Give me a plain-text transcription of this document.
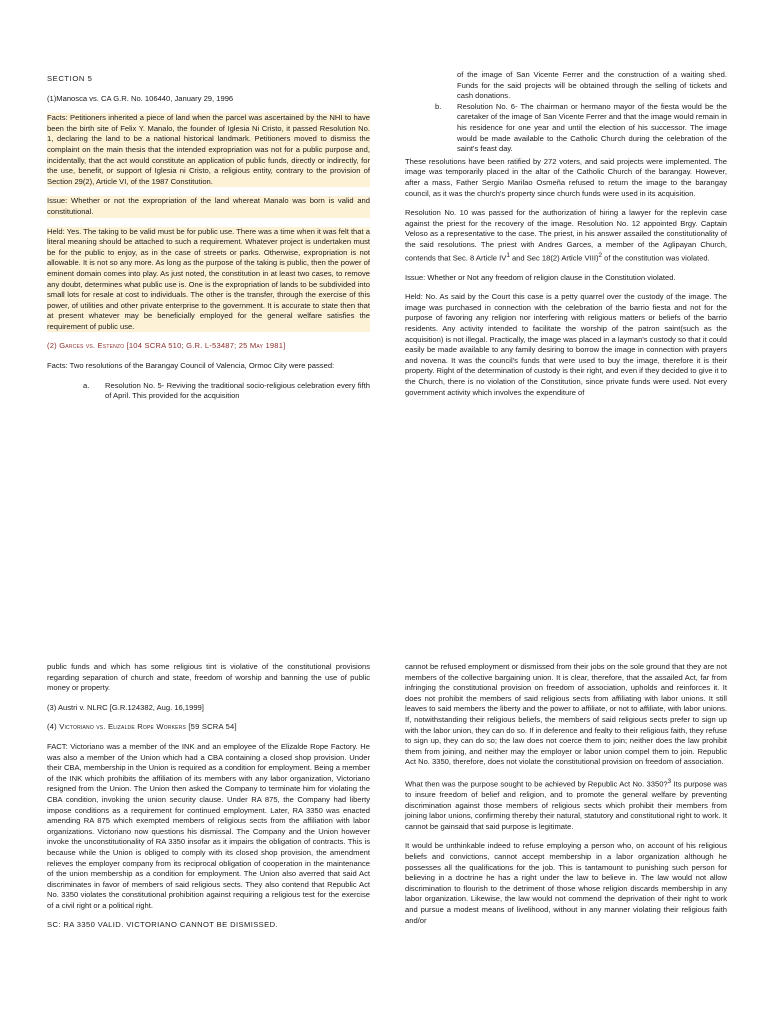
SECTION 5

(1)Manosca vs. CA G.R. No. 106440, January 29, 1996

Facts: Petitioners inherited a piece of land when the parcel was ascertained by the NHI to have been the birth site of Felix Y. Manalo, the founder of Iglesia Ni Cristo, it passed Resolution No. 1, declaring the land to be a national historical landmark. Petitioners moved to dismiss the complaint on the main thesis that the intended expropriation was not for a public purpose and, incidentally, that the act would constitute an application of public funds, directly or indirectly, for the use, benefit, or support of Iglesia ni Cristo, a religious entity, contrary to the provision of Section 29(2), Article VI, of the 1987 Constitution.

Issue: Whether or not the expropriation of the land whereat Manalo was born is valid and constitutional.

Held: Yes. The taking to be valid must be for public use. There was a time when it was felt that a literal meaning should be attached to such a requirement. Whatever project is undertaken must be for the public to enjoy, as in the case of streets or parks. Otherwise, expropriation is not allowable. It is not so any more. As long as the purpose of the taking is public, then the power of eminent domain comes into play. As just noted, the constitution in at least two cases, to remove any doubt, determines what public use is. One is the expropriation of lands to be subdivided into small lots for resale at cost to individuals. The other is the transfer, through the exercise of this power, of utilities and other private enterprise to the government. It is accurate to state then that at present whatever may be beneficially employed for the general welfare satisfies the requirement of public use.

(2) Garces vs. Estenzo [104 SCRA 510; G.R. L-53487; 25 May 1981]

Facts: Two resolutions of the Barangay Council of Valencia, Ormoc City were passed:

a.	Resolution No. 5- Reviving the traditional socio-religious celebration every fifth of April. This provided for the acquisition
of the image of San Vicente Ferrer and the construction of a waiting shed. Funds for the said projects will be obtained through the selling of tickets and cash donations.
b.	Resolution No. 6- The chairman or hermano mayor of the fiesta would be the caretaker of the image of San Vicente Ferrer and that the image would remain in his residence for one year and until the election of his successor. The image would be made available to the Catholic Church during the celebration of the saint's feast day.

These resolutions have been ratified by 272 voters, and said projects were implemented. The image was temporarily placed in the altar of the Catholic Church of the barangay. However, after a mass, Father Sergio Marilao Osmeña refused to return the image to the barangay council, as it was the church's property since church funds were used in its acquisition.

Resolution No. 10 was passed for the authorization of hiring a lawyer for the replevin case against the priest for the recovery of the image. Resolution No. 12 appointed Brgy. Captain Veloso as a representative to the case. The priest, in his answer assailed the constitutionality of the said resolutions. The priest with Andres Garces, a member of the Aglipayan Church, contends that Sec. 8 Article $IV^1$ and Sec 18(2) Article VIII)$^2$ of the constitution was violated.

Issue: Whether or Not any freedom of religion clause in the Constitution violated.

Held: No. As said by the Court this case is a petty quarrel over the custody of the image. The image was purchased in connection with the celebration of the barrio fiesta and not for the purpose of favoring any religion nor interfering with religious matters or beliefs of the barrio residents. Any activity intended to facilitate the worship of the patron saint(such as the acquisition) is not illegal. Practically, the image was placed in a layman's custody so that it could easily be made available to any family desiring to borrow the image in connection with prayers and novena. It was the council's funds that were used to buy the image, therefore it is their property. Right of the determination of custody is their right, and even if they decided to give it to the Church, there is no violation of the Constitution, since private funds were used. Not every government activity which involves the expenditure of

public funds and which has some religious tint is violative of the constitutional provisions regarding separation of church and state, freedom of worship and banning the use of public money or property.

(3) Austri v. NLRC [G.R.124382, Aug. 16,1999]

(4) Victoriano vs. Elizalde Rope Workers [59 SCRA 54]

FACT: Victoriano was a member of the INK and an employee of the Elizalde Rope Factory. He was also a member of the Union which had a CBA containing a closed shop provision. Under their CBA, membership in the Union is required as a condition for employment. Being a member of the INK which prohibits the affiliation of its members with any labor organization, Victoriano resigned from the Union. The Union then asked the Company to terminate him for violating the CBA condition, invoking the union security clause. Under RA 875, the Company had liberty impose conditions as a requirement for continued employment. Later, RA 3350 was enacted amending RA 875 which exempted members of religious sects from the affiliation with labor organizations. Victoriano now questions his dismissal. The Company and the Union however invoke the unconstitutionality of RA 3350 insofar as it impairs the obligation of contracts. This is because while the Union is obliged to comply with its closed shop provision, the amendment relieves the employer company from its reciprocal obligation of cooperation in the maintenance of the union membership as a condition for employment. The Union also averred that said Act discriminates in favor of members of said religious sects. They also contend that Republic Act No. 3350 violates the constitutional prohibition against requiring a religious test for the exercise of a civil right or a political right.

SC: RA 3350 VALID. VICTORIANO CANNOT BE DISMISSED.

cannot be refused employment or dismissed from their jobs on the sole ground that they are not members of the collective bargaining union. It is clear, therefore, that the assailed Act, far from infringing the constitutional provision on freedom of association, upholds and reinforces it. It does not prohibit the members of said religious sects from affiliating with labor unions. It still leaves to said members the liberty and the power to affiliate, or not to affiliate, with labor unions. If, notwithstanding their religious beliefs, the members of said religious sects prefer to sign up with the labor union, they can do so. If in deference and fealty to their religious faith, they refuse to sign up, they can do so; the law does not coerce them to join; neither does the law prohibit them from joining, and neither may the employer or labor union compel them to join. Republic Act No. 3350, therefore, does not violate the constitutional provision on freedom of association.

What then was the purpose sought to be achieved by Republic Act No. 3350?$^3$ Its purpose was to insure freedom of belief and religion, and to promote the general welfare by preventing discrimination against those members of religious sects which prohibit their members from joining labor unions, confirming thereby their natural, statutory and constitutional right to work. It cannot be gainsaid that said purpose is legitimate.

It would be unthinkable indeed to refuse employing a person who, on account of his religious beliefs and convictions, cannot accept membership in a labor organization although he possesses all the qualifications for the job. This is tantamount to punishing such person for believing in a doctrine he has a right under the law to believe in. The law would not allow discrimination to flourish to the detriment of those whose religion discards membership in any labor organization. Likewise, the law would not commend the deprivation of their right to work and pursue a modest means of livelihood, without in any manner violating their religious faith and/or
